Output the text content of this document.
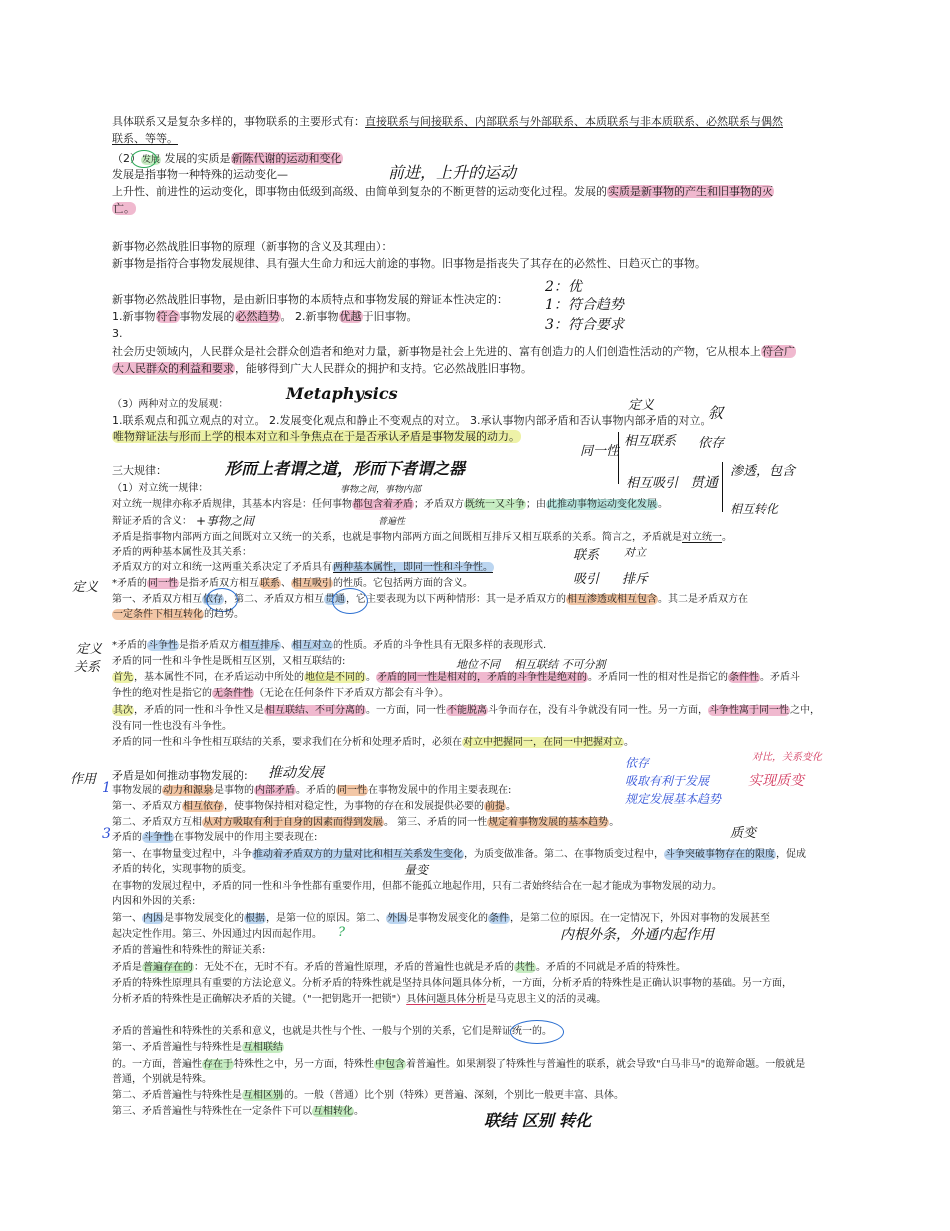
具体联系又是复杂多样的，事物联系的主要形式有：直接联系与间接联系、内部联系与外部联系、本质联系与非本质联系、必然联系与偶然
联系、等等。
（2）发展 发展的实质是新陈代谢的运动和变化
发展是指事物一种特殊的运动变化—
上升性、前进性的运动变化，即事物由低级到高级、由简单到复杂的不断更替的运动变化过程。发展的实质是新事物的产生和旧事物的灭
亡。
新事物必然战胜旧事物的原理（新事物的含义及其理由）：
新事物是指符合事物发展规律、具有强大生命力和远大前途的事物。旧事物是指丧失了其存在的必然性、日趋灭亡的事物。
新事物必然战胜旧事物，是由新旧事物的本质特点和事物发展的辩证本性决定的：
1.新事物符合事物发展的必然趋势。 2.新事物优越于旧事物。
3.
社会历史领域内，人民群众是社会群众创造者和绝对力量，新事物是社会上先进的、富有创造力的人们创造性活动的产物，它从根本上符合广
大人民群众的利益和要求，能够得到广大人民群众的拥护和支持。它必然战胜旧事物。
（3）两种对立的发展观：
1.联系观点和孤立观点的对立。 2.发展变化观点和静止不变观点的对立。 3.承认事物内部矛盾和否认事物内部矛盾的对立。
唯物辩证法与形而上学的根本对立和斗争焦点在于是否承认矛盾是事物发展的动力。
三大规律：
（1）对立统一规律：
对立统一规律亦称矛盾规律，其基本内容是：任何事物都包含着矛盾；矛盾双方既统一又斗争；由此推动事物运动变化发展。
辩证矛盾的含义：
矛盾是指事物内部两方面之间既对立又统一的关系，也就是事物内部两方面之间既相互排斥又相互联系的关系。简言之，矛盾就是对立统一。
矛盾的两种基本属性及其关系：
矛盾双方的对立和统一这两重关系决定了矛盾具有两种基本属性，即同一性和斗争性。
*矛盾的同一性是指矛盾双方相互联系、相互吸引的性质。它包括两方面的含义。
第一、矛盾双方相互依存，第二、矛盾双方相互贯通，它主要表现为以下两种情形：其一是矛盾双方的相互渗透或相互包含。其二是矛盾双方在
一定条件下相互转化的趋势。
*矛盾的斗争性是指矛盾双方相互排斥、相互对立的性质。矛盾的斗争性具有无限多样的表现形式.
矛盾的同一性和斗争性是既相互区别，又相互联结的:
首先，基本属性不同，在矛盾运动中所处的地位是不同的。矛盾的同一性是相对的，矛盾的斗争性是绝对的。矛盾同一性的相对性是指它的条件性。矛盾斗
争性的绝对性是指它的无条件性（无论在任何条件下矛盾双方都会有斗争）。
其次，矛盾的同一性和斗争性又是相互联结、不可分离的。一方面，同一性不能脱离斗争而存在，没有斗争就没有同一性。另一方面，斗争性寓于同一性之中，
没有同一性也没有斗争性。
矛盾的同一性和斗争性相互联结的关系，要求我们在分析和处理矛盾时，必须在对立中把握同一，在同一中把握对立。
矛盾是如何推动事物发展的:
事物发展的动力和源泉是事物的内部矛盾。矛盾的同一性在事物发展中的作用主要表现在:
第一、矛盾双方相互依存，使事物保持相对稳定性，为事物的存在和发展提供必要的前提。
第二、矛盾双方互相从对方吸取有利于自身的因素而得到发展。 第三、矛盾的同一性规定着事物发展的基本趋势。
矛盾的斗争性在事物发展中的作用主要表现在:
第一、在事物量变过程中，斗争推动着矛盾双方的力量对比和相互关系发生变化，为质变做准备。第二、在事物质变过程中，斗争突破事物存在的限度，促成
矛盾的转化，实现事物的质变。
在事物的发展过程中，矛盾的同一性和斗争性都有重要作用，但都不能孤立地起作用，只有二者始终结合在一起才能成为事物发展的动力。
内因和外因的关系:
第一、内因是事物发展变化的根据，是第一位的原因。第二、外因是事物发展变化的条件，是第二位的原因。在一定情况下，外因对事物的发展甚至
起决定性作用。第三、外因通过内因而起作用。
矛盾的普遍性和特殊性的辩证关系:
矛盾是普遍存在的：无处不在，无时不有。矛盾的普遍性原理，矛盾的普遍性也就是矛盾的共性。矛盾的不同就是矛盾的特殊性。
矛盾的特殊性原理具有重要的方法论意义。分析矛盾的特殊性就是坚持具体问题具体分析，一方面，分析矛盾的特殊性是正确认识事物的基础。另一方面，
分析矛盾的特殊性是正确解决矛盾的关键。（"一把钥匙开一把锁"）具体问题具体分析是马克思主义的活的灵魂。
矛盾的普遍性和特殊性的关系和意义，也就是共性与个性、一般与个别的关系，它们是辩证统一的。
第一、矛盾普遍性与特殊性是互相联结
的。一方面，普遍性存在于特殊性之中，另一方面，特殊性中包含着普遍性。如果割裂了特殊性与普遍性的联系，就会导致"白马非马"的诡辩命题。一般就是
普通，个别就是特殊。
第二、矛盾普遍性与特殊性是互相区别的。一般（普通）比个别（特殊）更普遍、深刻，个别比一般更丰富、具体。
第三、矛盾普遍性与特殊性在一定条件下可以互相转化。
前进，上升的运动
2：优
1：符合趋势
3：符合要求
Metaphysics
定义	叙
相互联系 依存
同一性
相互吸引 贯通
渗透，包含
相互转化
形而上者谓之道，形而下者谓之器
事物之间，事物内部
+事物之间	普遍性
联系 对立
吸引 排斥
定义
定义
关系	地位不同 相互联结 不可分割
作用	推动发展
依存
吸取有利于发展
规定发展基本趋势
对比，关系变化
实现质变
质变
1
3
量变
?	内根外条，外通内起作用
联结 区别 转化
